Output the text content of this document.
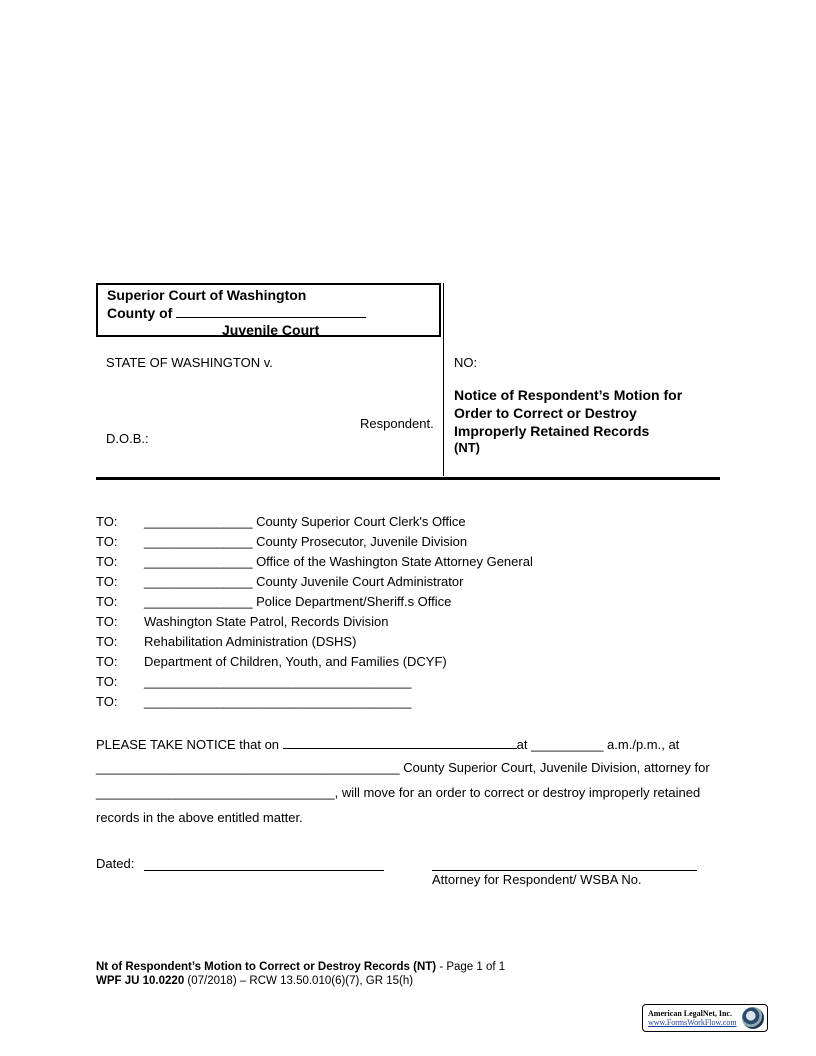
Superior Court of Washington
County of
Juvenile Court
STATE OF WASHINGTON v.
Respondent.
D.O.B.:
NO:
Notice of Respondent’s Motion for
Order to Correct or Destroy
Improperly Retained Records
(NT)
TO: _______________ County Superior Court Clerk's Office
TO: _______________ County Prosecutor, Juvenile Division
TO: _______________ Office of the Washington State Attorney General
TO: _______________ County Juvenile Court Administrator
TO: _______________ Police Department/Sheriff.s Office
TO: Washington State Patrol, Records Division
TO: Rehabilitation Administration (DSHS)
TO: Department of Children, Youth, and Families (DCYF)
TO: _____________________________________
TO: _____________________________________
PLEASE TAKE NOTICE that on	at __________ a.m./p.m., at
__________________________________________ County Superior Court, Juvenile Division, attorney for
_________________________________, will move for an order to correct or destroy improperly retained
records in the above entitled matter.
Dated:
Attorney for Respondent/ WSBA No.
Nt of Respondent’s Motion to Correct or Destroy Records (NT) - Page 1 of 1
WPF JU 10.0220 (07/2018) – RCW 13.50.010(6)(7), GR 15(h)
American LegalNet, Inc.
www.FormsWorkFlow.com
